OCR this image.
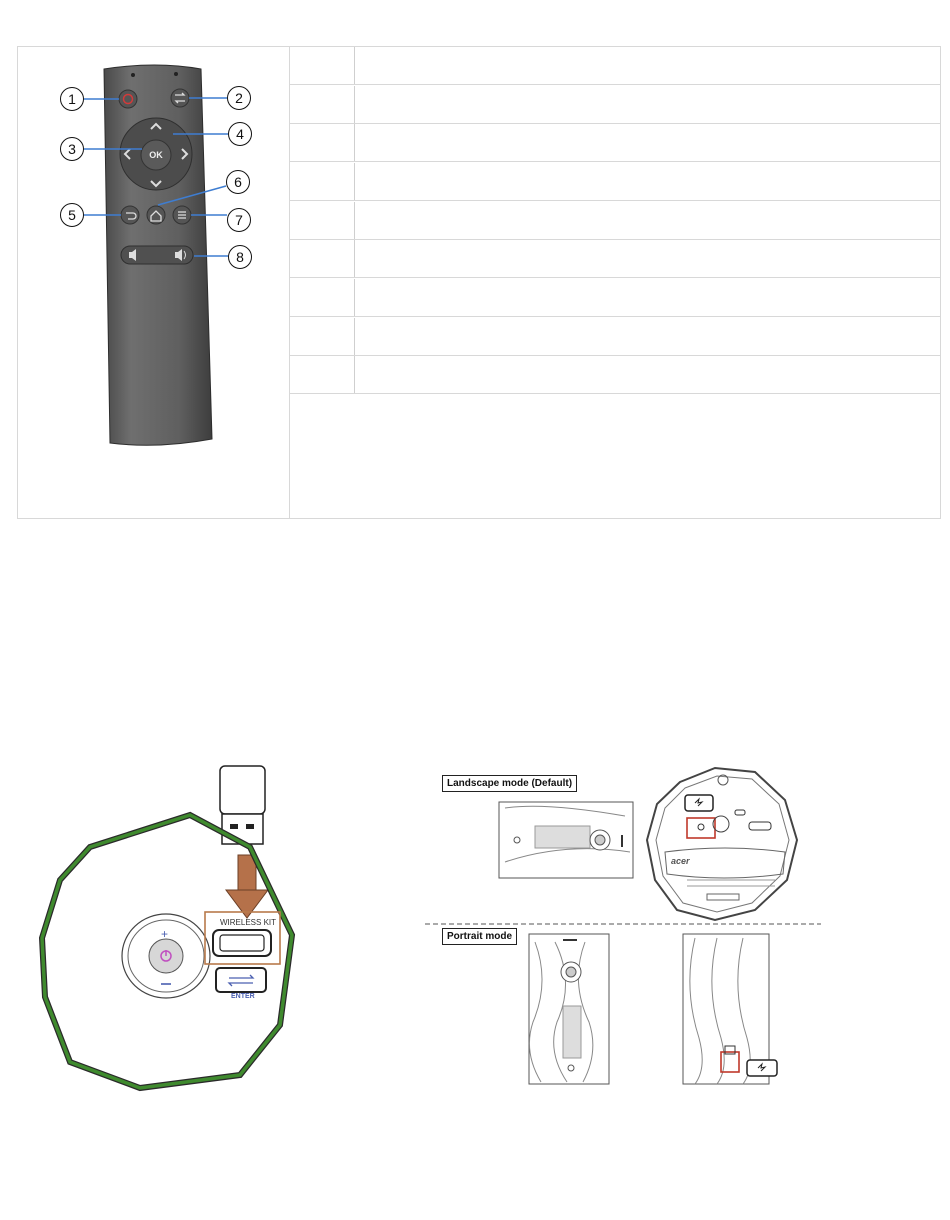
OK
1	2
3
4
5
6
7
8
+
WIRELESS KIT
ENTER
acer
Landscape mode (Default)
Portrait mode
